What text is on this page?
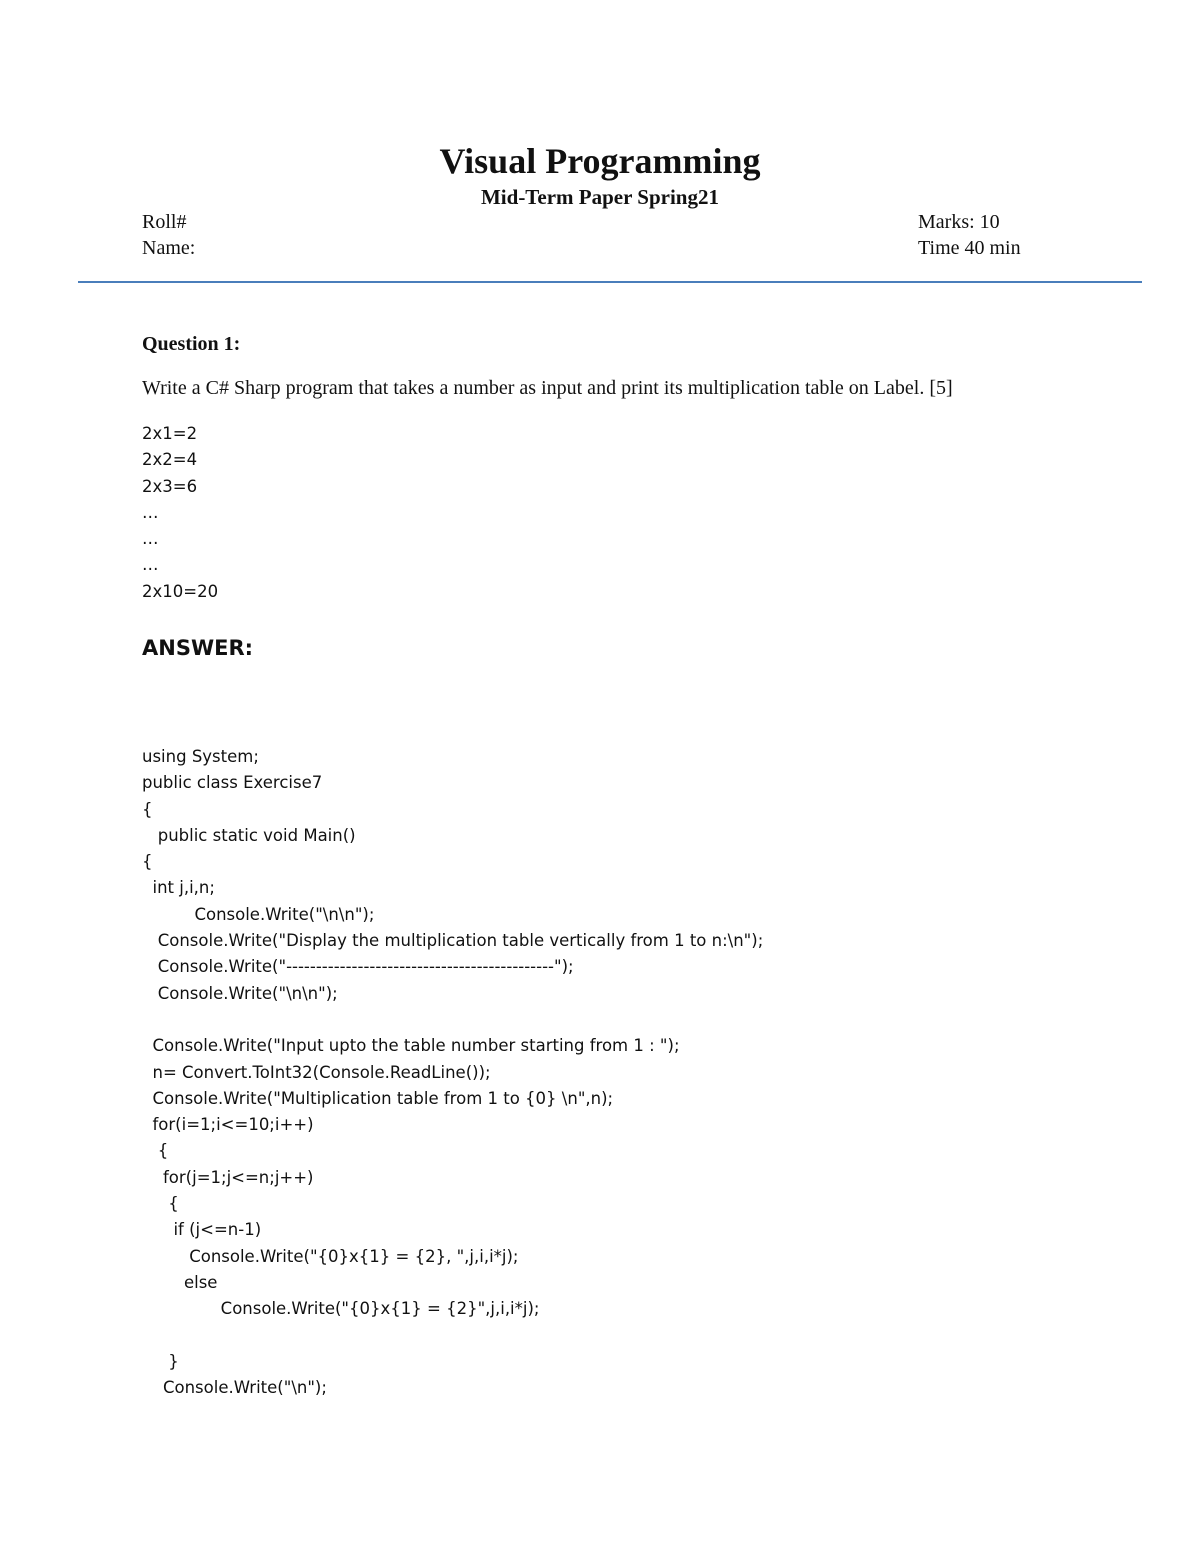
Visual Programming
Mid-Term Paper Spring21
Roll#
Name:
Marks: 10
Time 40 min
Question 1:
Write a C# Sharp program that takes a number as input and print its multiplication table on Label. [5]
2x1=2
2x2=4
2x3=6
…
…
…
2x10=20
ANSWER:
using System;
public class Exercise7
{
public static void Main()
{
int j,i,n;
Console.Write("\n\n");
Console.Write("Display the multiplication table vertically from 1 to n:\n");
Console.Write("---------------------------------------------");
Console.Write("\n\n");
Console.Write("Input upto the table number starting from 1 : ");
n= Convert.ToInt32(Console.ReadLine());
Console.Write("Multiplication table from 1 to {0} \n",n);
for(i=1;i<=10;i++)
{
for(j=1;j<=n;j++)
{
if (j<=n-1)
Console.Write("{0}x{1} = {2}, ",j,i,i*j);
else
Console.Write("{0}x{1} = {2}",j,i,i*j);
}
Console.Write("\n");
